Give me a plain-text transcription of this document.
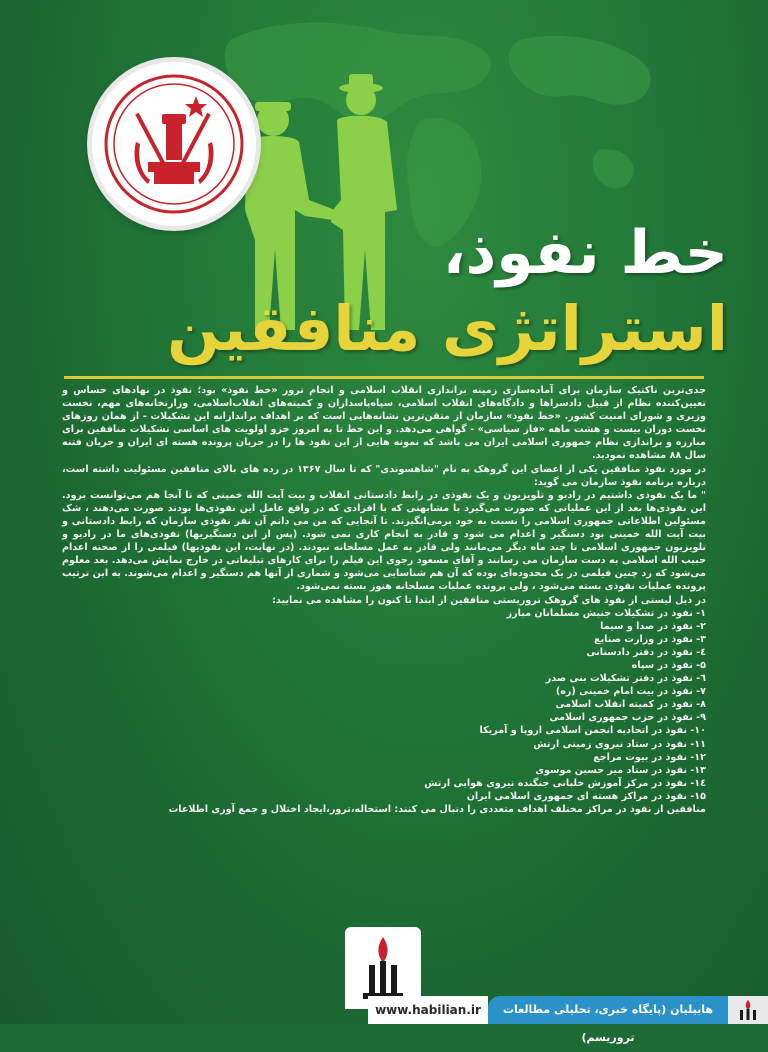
خط نفوذ،
استراتژی منافقین

جدی‌ترین تاکتیک سازمان برای آماده‌سازی زمینه براندازی انقلاب اسلامی و انجام ترور «خط نفوذ» بود؛ نفوذ در نهادهای حساس و تعیین‌کننده نظام از قبیل دادسراها و دادگاه‌های انقلاب اسلامی، سپاه‌پاسداران و کمیته‌های انقلاب‌اسلامی، وزارتخانه‌های مهم، نخست وزیری و شورای امنیت کشور. «خط نفوذ» سازمان از متقن‌ترین نشانه‌هایی است که بر اهداف براندازانه این تشکیلات - از همان روزهای نخست دوران بیست و هشت ماهه «فاز سیاسی» - گواهی می‌دهد. و این خط تا به امروز جزو اولویت های اساسی تشکیلات منافقین برای مبارزه و براندازی نظام جمهوری اسلامی ایران می باشد که نمونه هایی از این نفوذ ها را در جریان پرونده هسته ای ایران و جریان فتنه سال ۸۸ مشاهده نمودید.

در مورد نفوذ منافقین یکی از اعضای این گروهک به نام "شاهسوندی" که تا سال ۱۳۶۷ در رده های بالای منافقین مسئولیت داشته است، درباره برنامه نفوذ سازمان می گوید:

" ما یک نفوذی داشتیم در رادیو و تلویزیون و یک نفوذی در رابط دادستانی انقلاب و بیت آیت الله خمینی که تا آنجا هم می‌توانست برود. این نفوذی‌ها بعد از این عملیاتی که صورت می‌گیرد با مشابهتی که با افرادی که در واقع عامل این نفوذی‌ها بودند صورت می‌دهند ، شک مسئولین اطلاعاتی جمهوری اسلامی را نسبت به خود برمی‌انگیزند. تا آنجایی که من می دانم آن نفر نفوذی سازمان که رابط دادستانی و بیت آیت الله خمینی بود دستگیر و اعدام می شود و قادر به انجام کاری نمی شود. (پس از این دستگیریها) نفوذی‌های ما در رادیو و تلویزیون جمهوری اسلامی تا چند ماه دیگر می‌مانند ولی قادر به عمل مسلحانه نبودند. (در نهایت، این نفوذیها) فیلمی را از صحنه اعدام حبیب الله اسلامی به دست سازمان می رسانند و آقای مسعود رجوی این فیلم را برای کارهای تبلیغاتی در خارج نمایش می‌دهد. بعد معلوم می‌شود که رد چنین فیلمی در یک محدوده‌ای بوده که آن هم شناسایی می‌شود و شماری از آنها هم دستگیر و اعدام می‌شوند. به این ترتیب پرونده عملیات نفوذی بسته می‌شود ، ولی پرونده عملیات مسلحانه هنوز بسته نمی‌شود.

در ذیل لیستی از نفوذ های گروهک تروریستی منافقین از ابتدا تا کنون را مشاهده می نمایید:

۱- نفوذ در تشکیلات جنبش مسلمانان مبارز
۲- نفوذ در صدا و سیما
۳- نفوذ در وزارت صنایع
٤- نفوذ در دفتر دادستانی
۵- نفوذ در سپاه
٦- نفوذ در دفتر تشکیلات بنی صدر
۷- نفوذ در بیت امام خمینی (ره)
۸- نفوذ در کمیته انقلاب اسلامی
۹- نفوذ در حزب جمهوری اسلامی
۱۰- نفوذ در اتحادیه انجمن اسلامی اروپا و آمریکا
۱۱- نفوذ در ستاد نیروی زمینی ارتش
۱۲- نفوذ در بیوت مراجع
۱۳- نفوذ در ستاد میر حسین موسوی
۱٤- نفوذ در مرکز آموزش خلبانی جنگنده نیروی هوایی ارتش
۱۵- نفوذ در مراکز هسته ای جمهوری اسلامی ایران

منافقین از نفوذ در مراکز مختلف اهداف متعددی را دنبال می کنند: استحاله،ترور،ایجاد اختلال و جمع آوری اطلاعات

www.habilian.ir	هابیلیان (پایگاه خبری، تحلیلی مطالعات تروریسم)
